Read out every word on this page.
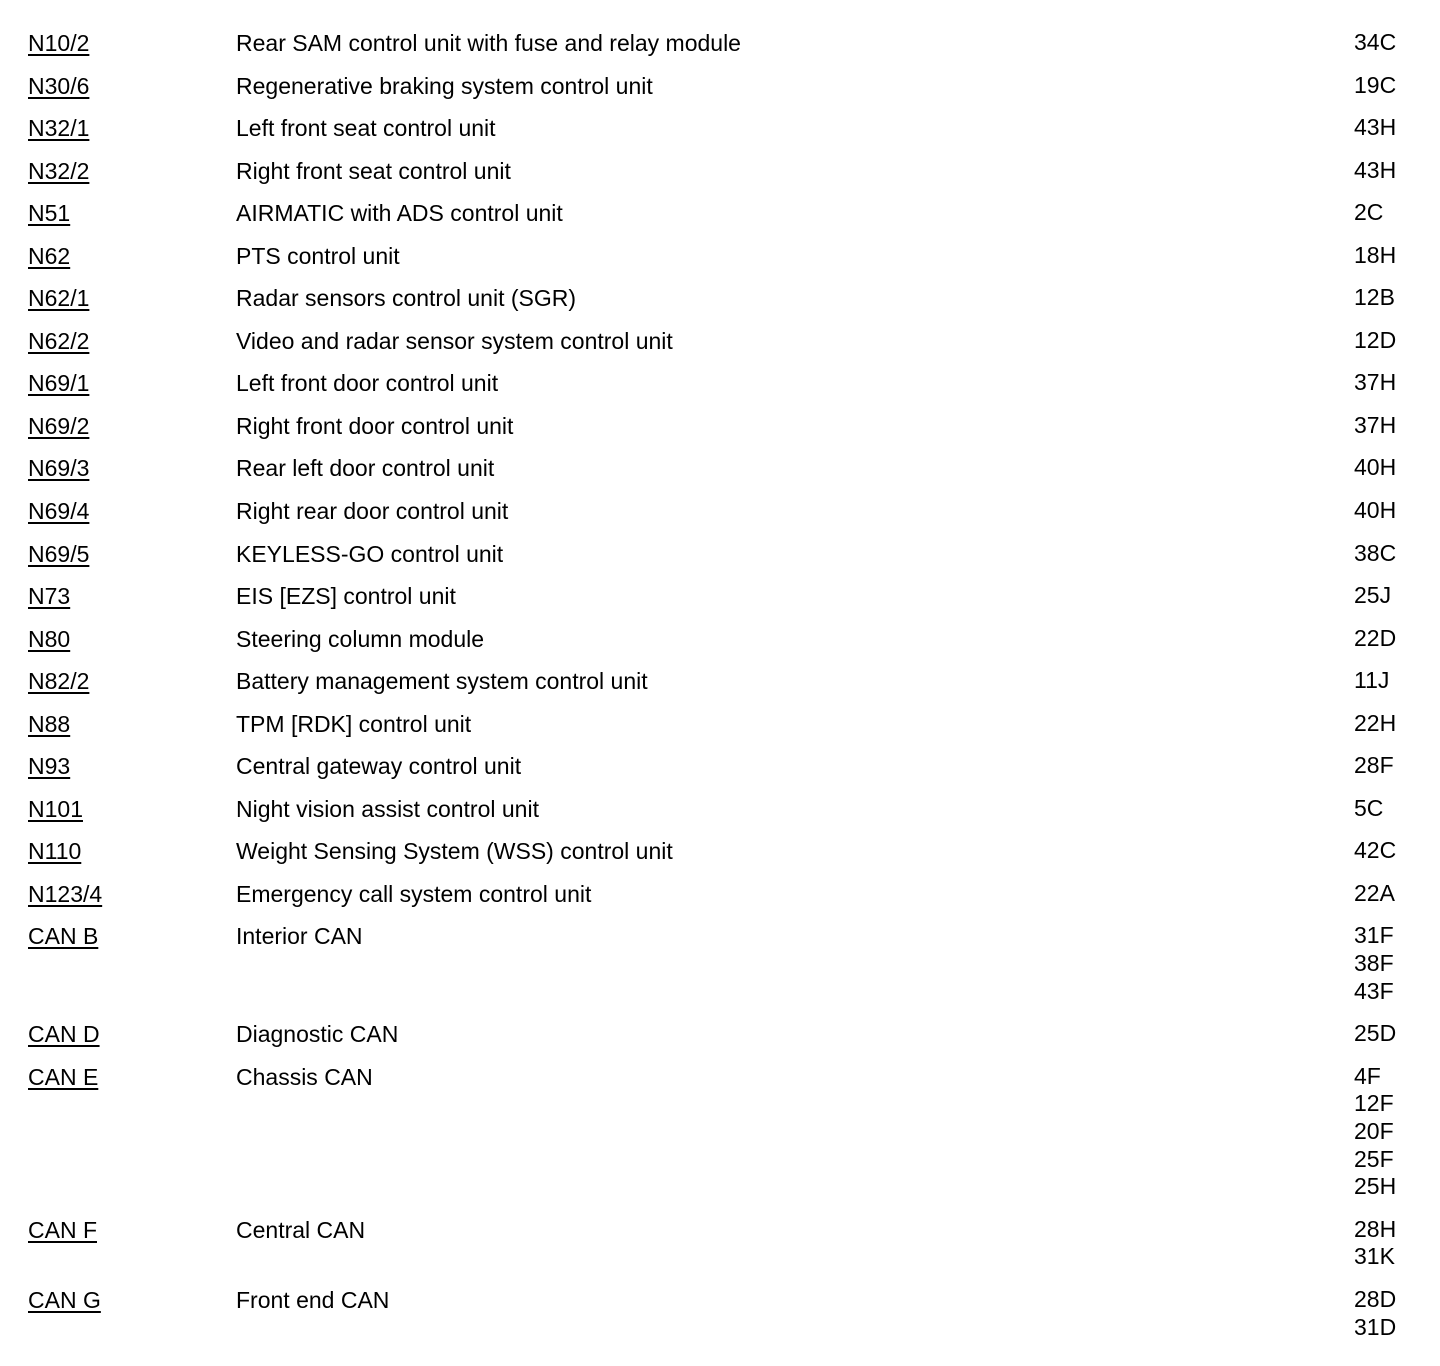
N10/2	Rear SAM control unit with fuse and relay module	34C
N30/6	Regenerative braking system control unit	19C
N32/1	Left front seat control unit	43H
N32/2	Right front seat control unit	43H
N51	AIRMATIC with ADS control unit	2C
N62	PTS control unit	18H
N62/1	Radar sensors control unit (SGR)	12B
N62/2	Video and radar sensor system control unit	12D
N69/1	Left front door control unit	37H
N69/2	Right front door control unit	37H
N69/3	Rear left door control unit	40H
N69/4	Right rear door control unit	40H
N69/5	KEYLESS-GO control unit	38C
N73	EIS [EZS] control unit	25J
N80	Steering column module	22D
N82/2	Battery management system control unit	11J
N88	TPM [RDK] control unit	22H
N93	Central gateway control unit	28F
N101	Night vision assist control unit	5C
N110	Weight Sensing System (WSS) control unit	42C
N123/4	Emergency call system control unit	22A
CAN B	Interior CAN	31F
38F
43F
CAN D	Diagnostic CAN	25D
CAN E	Chassis CAN	4F
12F
20F
25F
25H
CAN F	Central CAN	28H
31K
CAN G	Front end CAN	28D
31D
